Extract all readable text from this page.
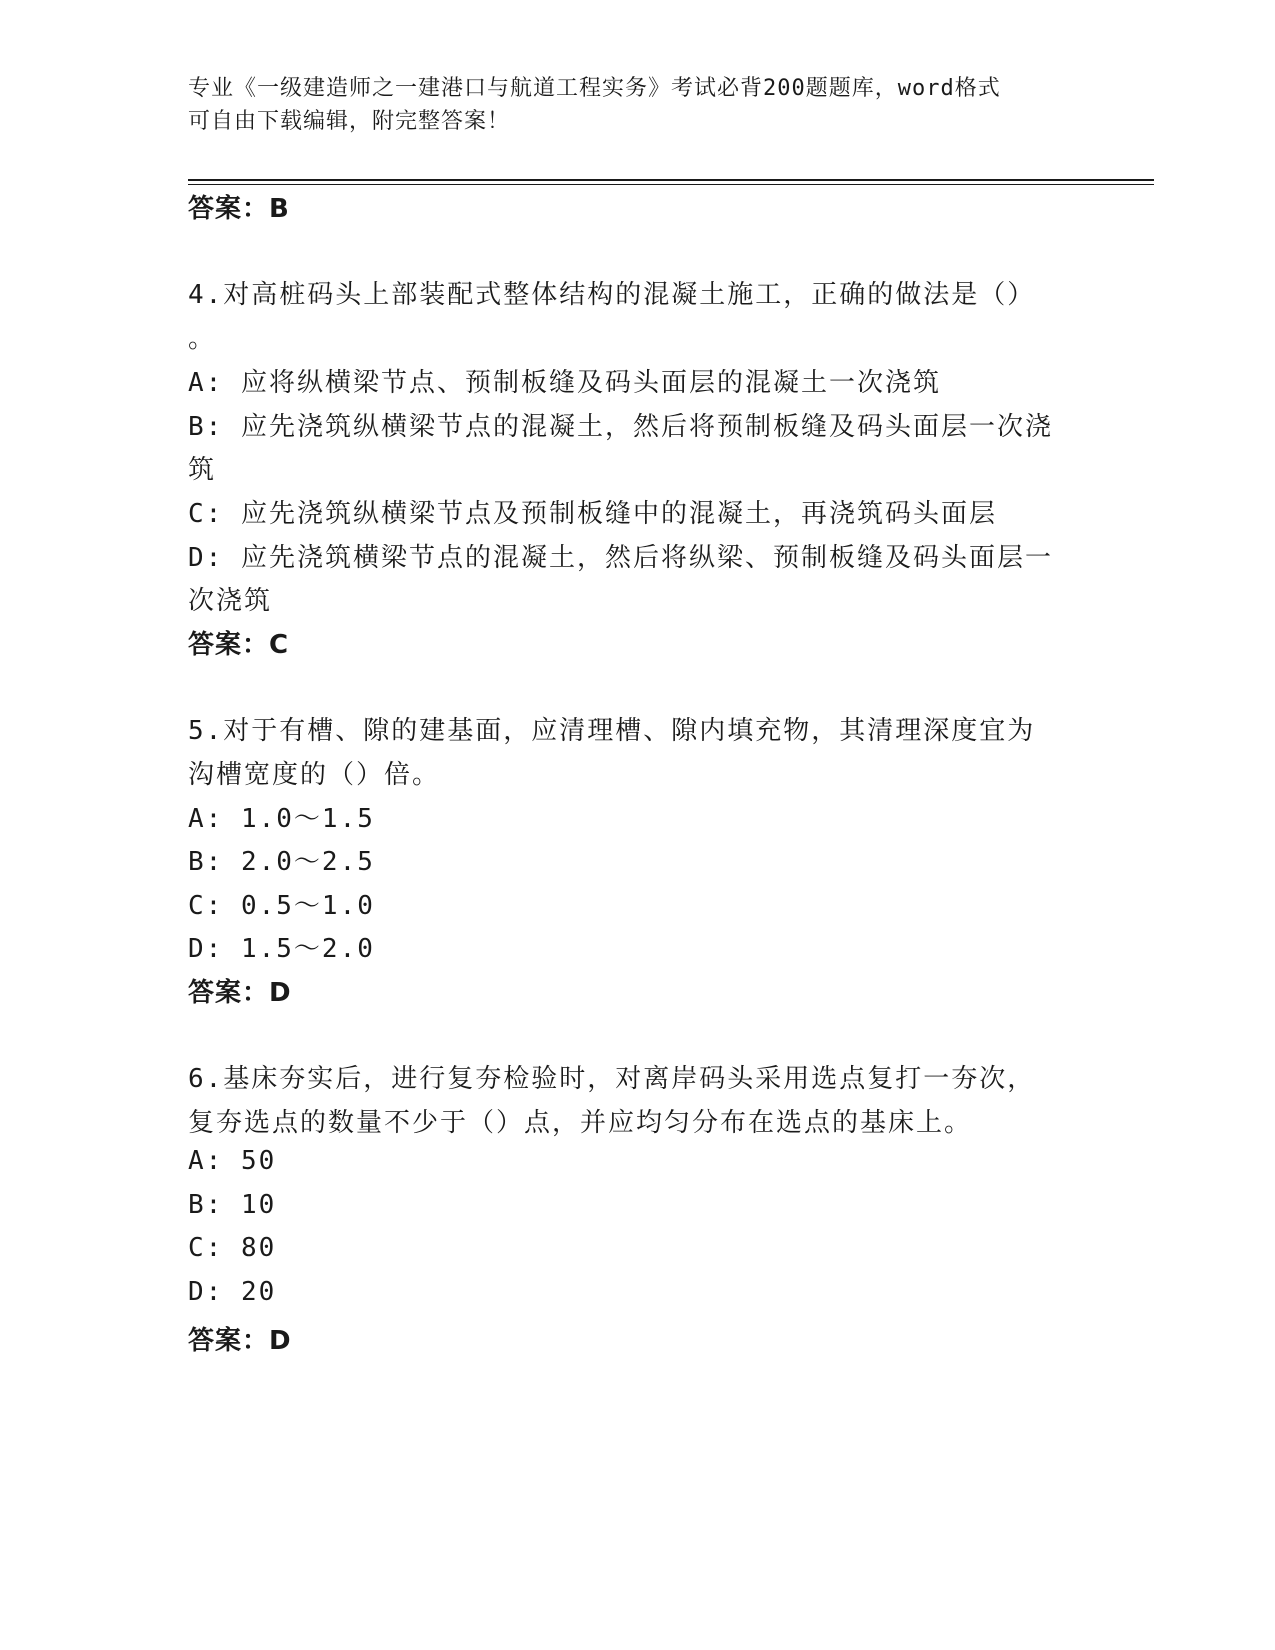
专业《一级建造师之一建港口与航道工程实务》考试必背200题题库，word格式
可自由下载编辑，附完整答案！
答案：B
4.对高桩码头上部装配式整体结构的混凝土施工，正确的做法是（）
。
A: 应将纵横梁节点、预制板缝及码头面层的混凝土一次浇筑
B: 应先浇筑纵横梁节点的混凝土，然后将预制板缝及码头面层一次浇
筑
C: 应先浇筑纵横梁节点及预制板缝中的混凝土，再浇筑码头面层
D: 应先浇筑横梁节点的混凝土，然后将纵梁、预制板缝及码头面层一
次浇筑
答案：C
5.对于有槽、隙的建基面，应清理槽、隙内填充物，其清理深度宜为
沟槽宽度的（）倍。
A: 1.0～1.5
B: 2.0～2.5
C: 0.5～1.0
D: 1.5～2.0
答案：D
6.基床夯实后，进行复夯检验时，对离岸码头采用选点复打一夯次，
复夯选点的数量不少于（）点，并应均匀分布在选点的基床上。
A: 50
B: 10
C: 80
D: 20
答案：D
